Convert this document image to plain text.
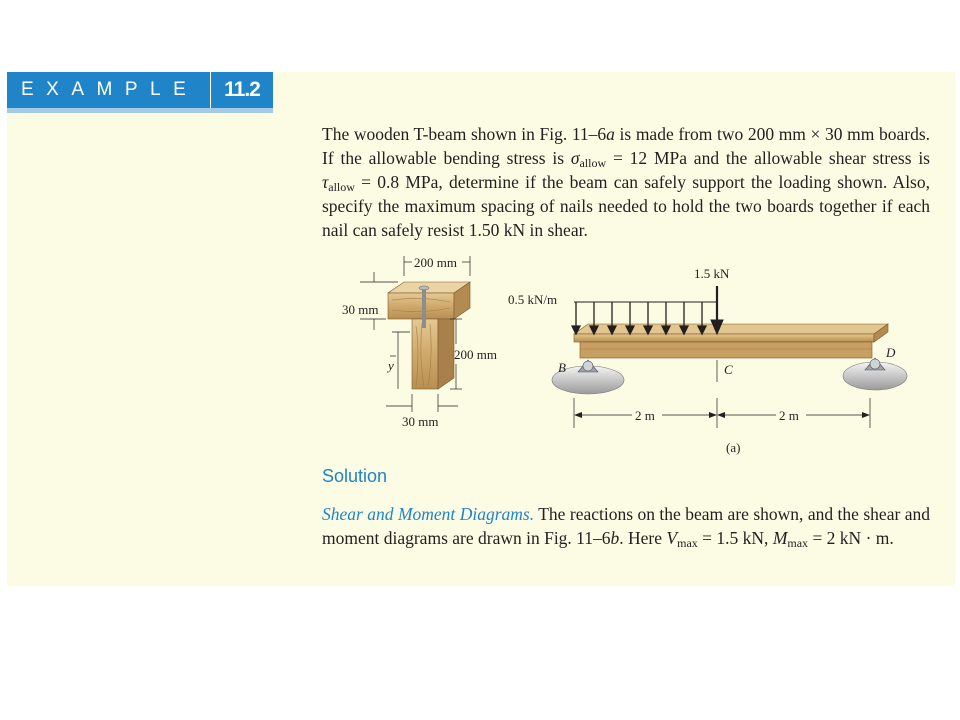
EXAMPLE	11.2

The wooden T-beam shown in Fig. 11–6a is made from two 200 mm × 30 mm boards. If the allowable bending stress is $\sigma_{allow} = 12$ MPa and the allowable shear stress is $\tau_{allow} = 0.8$ MPa, determine if the beam can safely support the loading shown. Also, specify the maximum spacing of nails needed to hold the two boards together if each nail can safely resist 1.50 kN in shear.

200 mm
30 mm
y
200 mm
30 mm
0.5 kN/m
1.5 kN
B
D
C
2 m	2 m
(a)

Solution

Shear and Moment Diagrams. The reactions on the beam are shown, and the shear and moment diagrams are drawn in Fig. 11–6b. Here $V_{max} = 1.5$ kN, $M_{max} = 2$ kN · m.
